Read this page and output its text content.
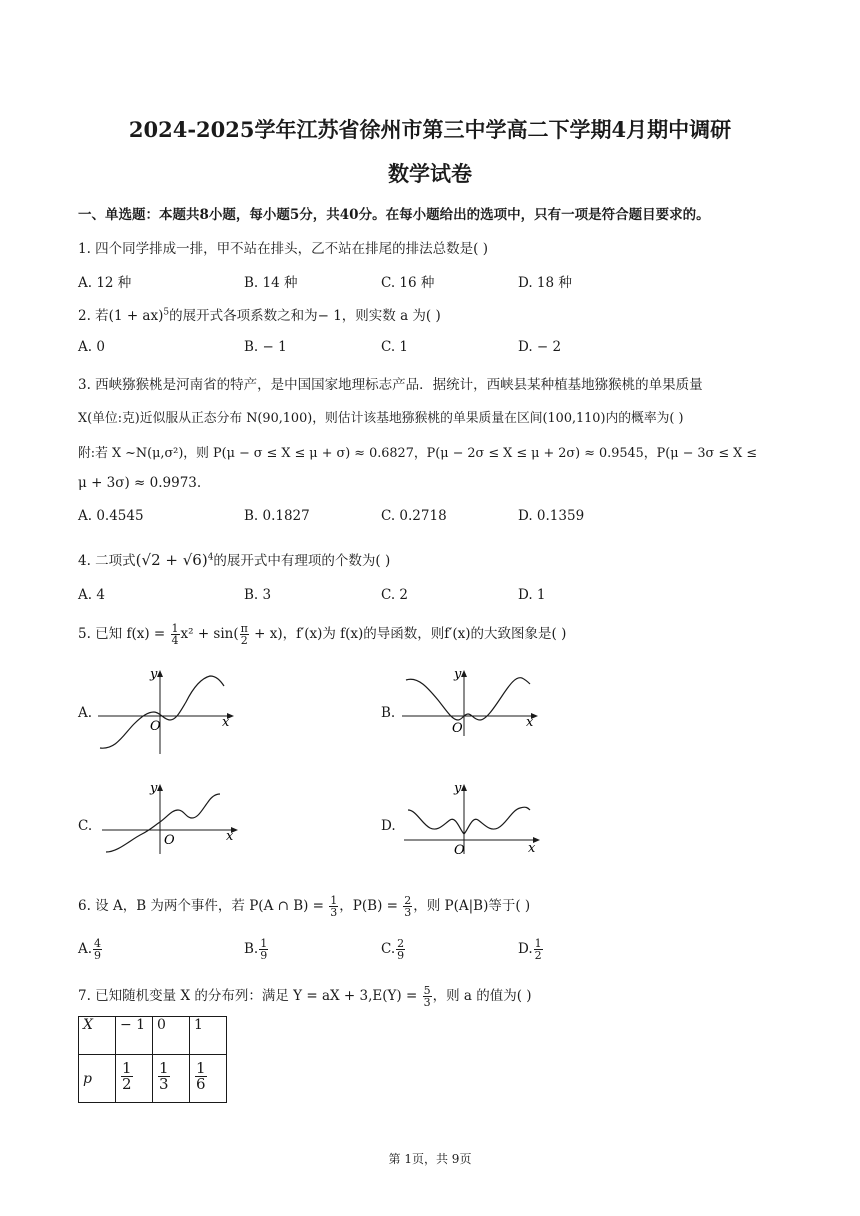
2024-2025学年江苏省徐州市第三中学高二下学期4月期中调研
数学试卷
一、单选题：本题共8小题，每小题5分，共40分。在每小题给出的选项中，只有一项是符合题目要求的。
1. 四个同学排成一排，甲不站在排头，乙不站在排尾的排法总数是( )
A. 12 种	B. 14 种	C. 16 种	D. 18 种
2. 若(1 + ax)$^5$的展开式各项系数之和为− 1，则实数 a 为( )
A. 0	B. − 1	C. 1	D. − 2
3. 西峡猕猴桃是河南省的特产，是中国国家地理标志产品．据统计，西峡县某种植基地猕猴桃的单果质量
X(单位:克)近似服从正态分布 N(90,100)，则估计该基地猕猴桃的单果质量在区间(100,110)内的概率为( )
附:若 X ~N(μ,σ²)，则 P(μ − σ ≤ X ≤ μ + σ) ≈ 0.6827，P(μ − 2σ ≤ X ≤ μ + 2σ) ≈ 0.9545，P(μ − 3σ ≤ X ≤
μ + 3σ) ≈ 0.9973.
A. 0.4545	B. 0.1827	C. 0.2718	D. 0.1359
4. 二项式$(√2 + √6)^4$的展开式中有理项的个数为( )
A. 4	B. 3	C. 2	D. 1
5. 已知 $f(x) = \frac{1}{4} x^2 + \sin( \frac{\pi}{2} + x)$，f′(x)为 f(x)的导函数，则f′(x)的大致图象是( )
A.
y
x
O
B.
y
x
O
C.
y
x
O
D.
y
x
O
6. 设 A，B 为两个事件，若 P(A ∩ $B) = \frac{1}{3}$ ，$P(B) = \frac{2}{3}$ ，则 P(A|B)等于( )
A. $\frac{4}{9}$	B. $\frac{1}{9}$	C. $\frac{2}{9}$	D. $\frac{1}{2}$
7. 已知随机变量 X 的分布列：满足 Y = aX + $3,E(Y) = \frac{5}{3}$ ，则 a 的值为( )
X	− 1	0	1
p	$\frac{1}{2}$	$\frac{1}{3}$	$\frac{1}{6}$
第 1页，共 9页
